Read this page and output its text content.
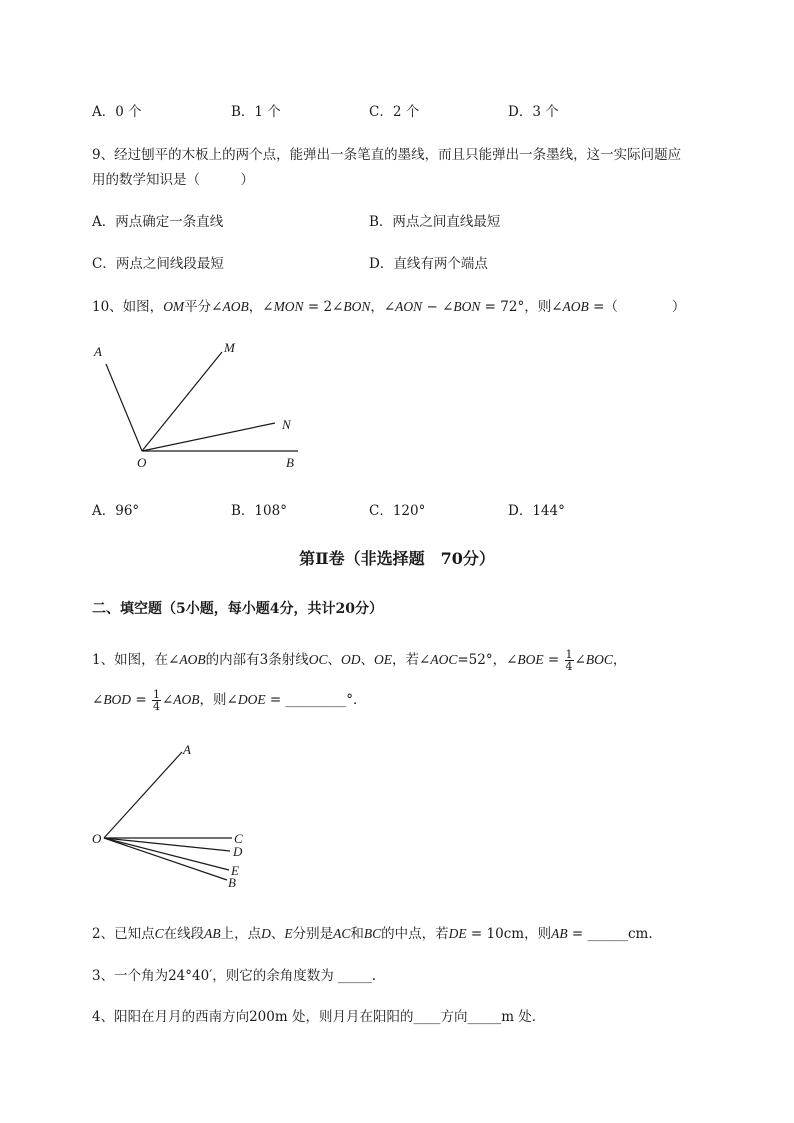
A．0 个	B．1 个	C．2 个	D．3 个
9、经过刨平的木板上的两个点，能弹出一条笔直的墨线，而且只能弹出一条墨线，这一实际问题应
用的数学知识是（　　　）
A．两点确定一条直线	B．两点之间直线最短
C．两点之间线段最短	D．直线有两个端点
10、如图，OM平分∠AOB，∠MON = 2∠BON，∠AON − ∠BON = 72°，则∠AOB =（　　　　）
A	M
N
O	B
A
O	C
D
E
B
A．96°	B．108°	C．120°	D．144°
第Ⅱ卷（非选择题　70分）
二、填空题（5小题，每小题4分，共计20分）
1、如图，在∠AOB的内部有3条射线OC、OD、OE，若∠AOC=52°，∠BOE = $\frac{1}{4}$ ∠BOC，
∠BOD = $\frac{1}{4}$ ∠AOB，则∠DOE = _________°．
2、已知点C在线段AB上，点D、E分别是AC和BC的中点，若DE = 10cm，则AB = ______cm.
3、一个角为24°40′，则它的余角度数为 _____.
4、阳阳在月月的西南方向200m 处，则月月在阳阳的____方向_____m 处．
